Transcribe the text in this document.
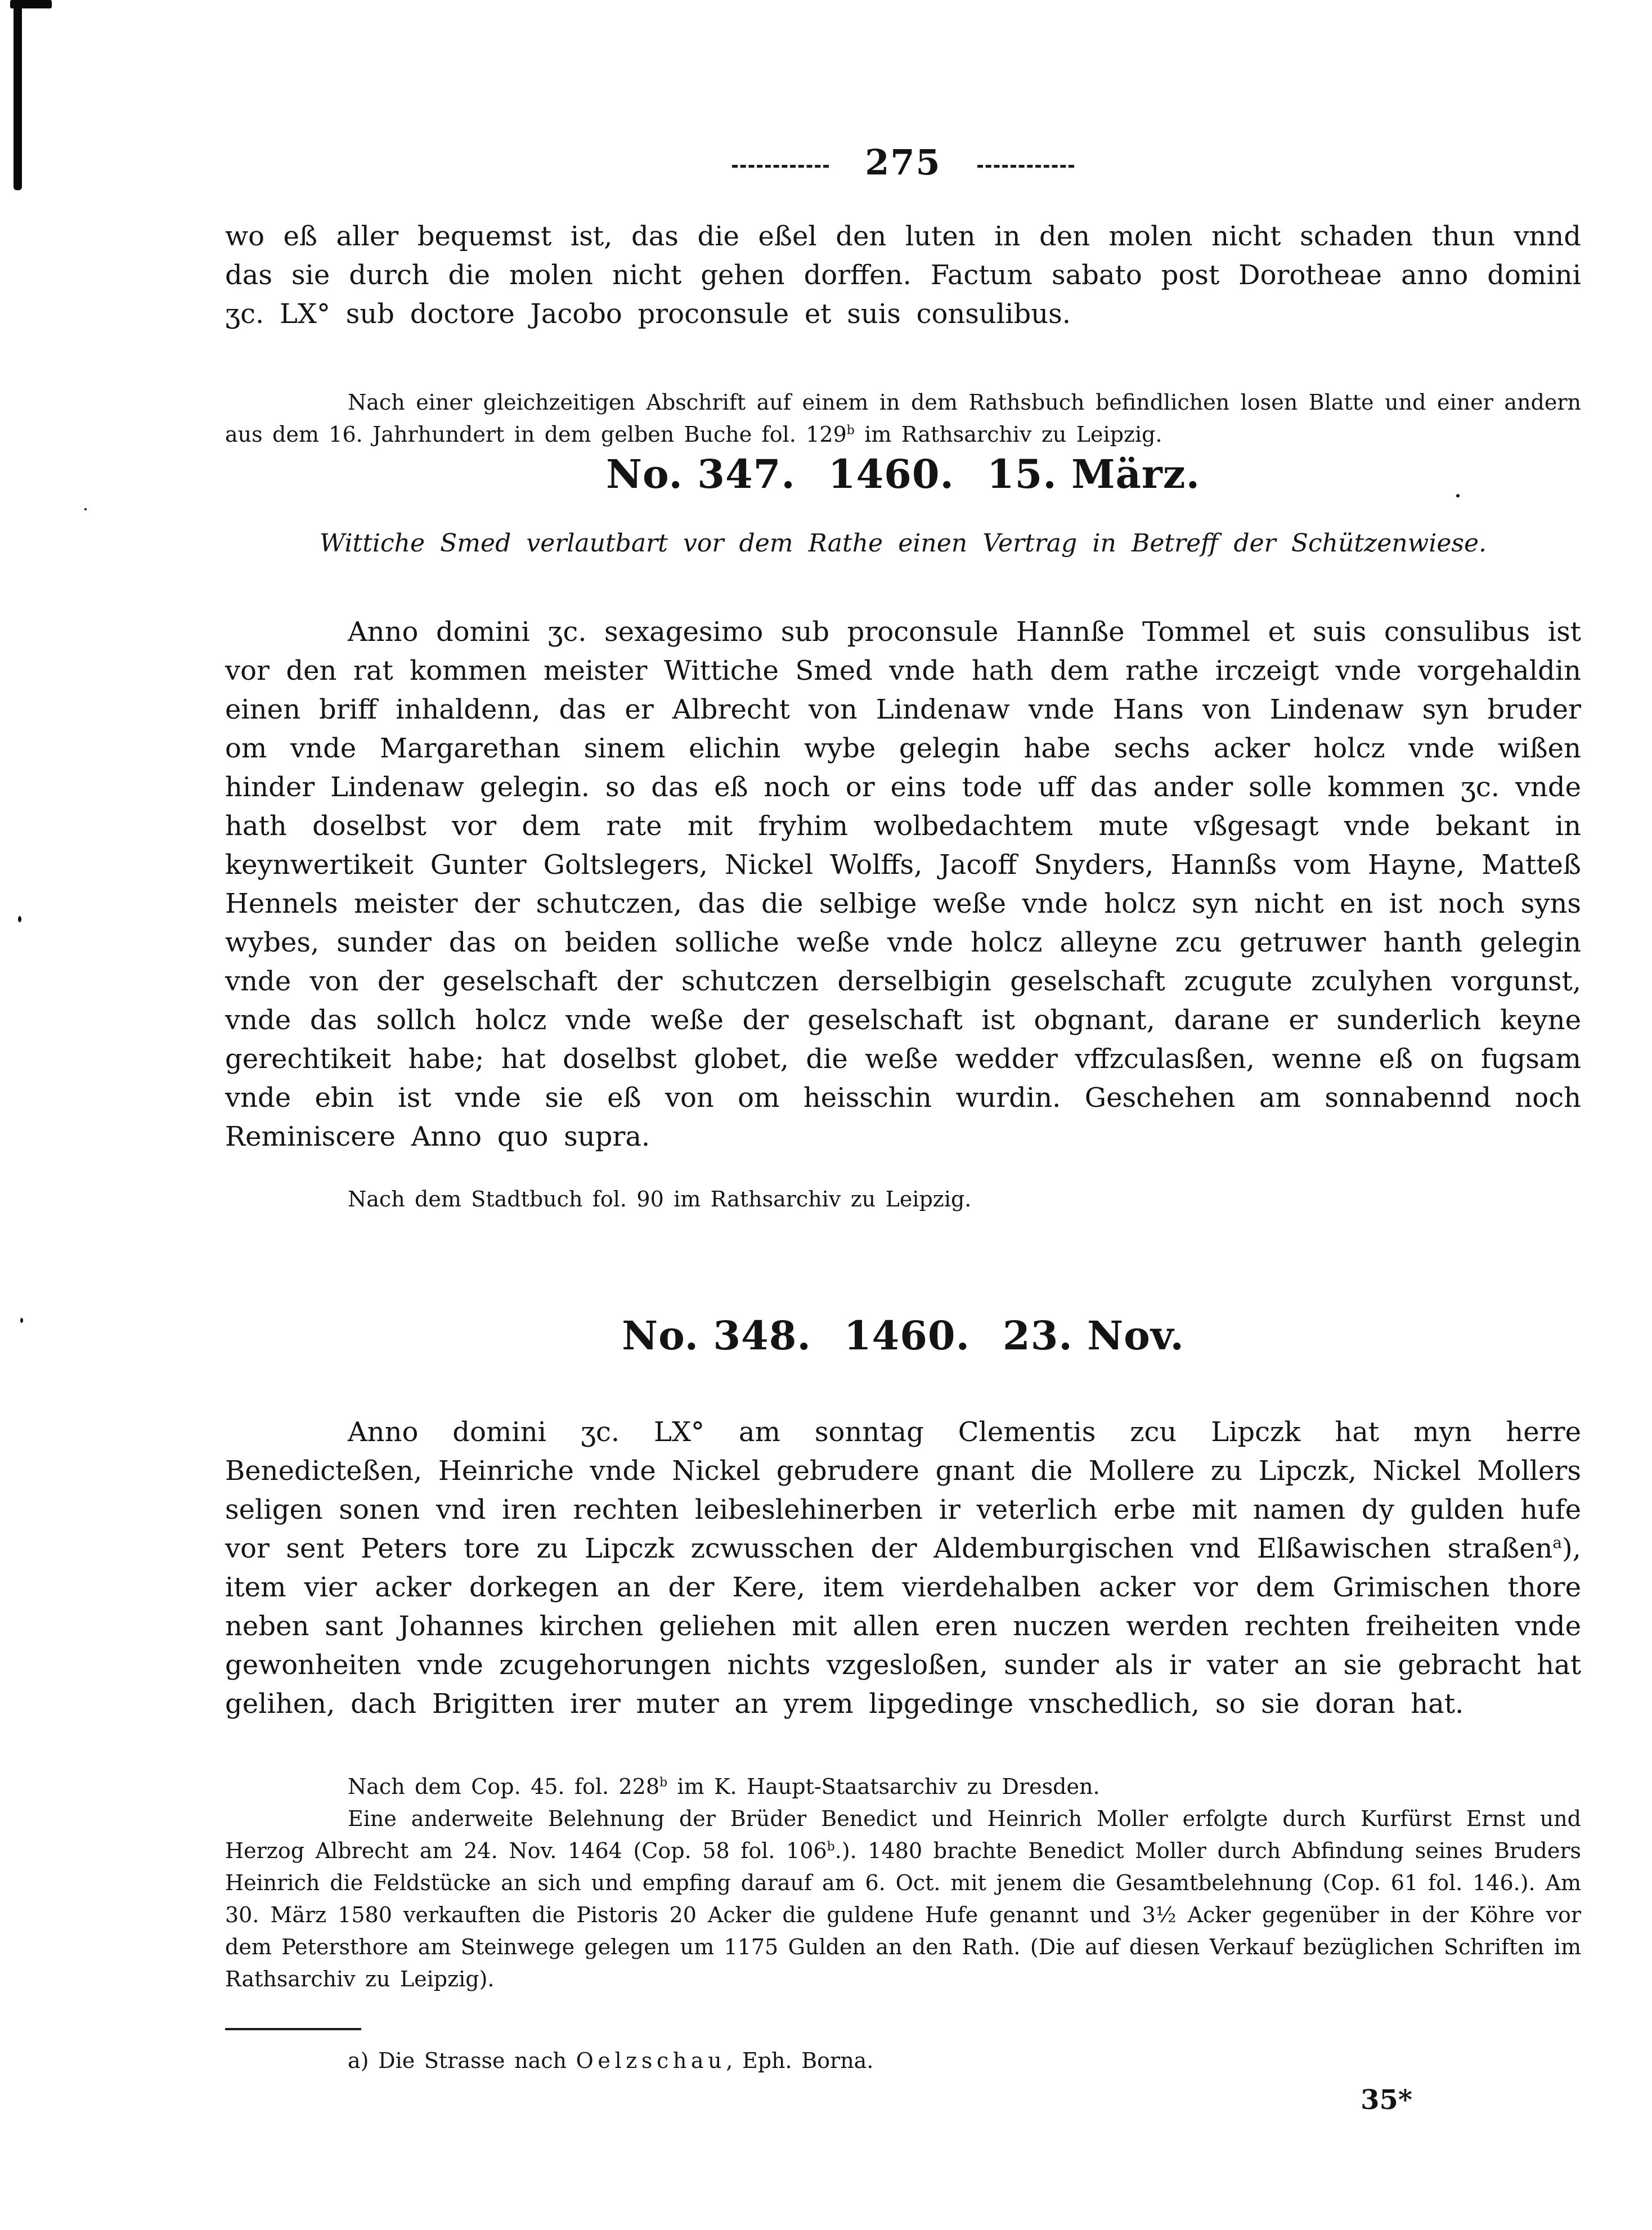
275

wo eß aller bequemst ist, das die eßel den luten in den molen nicht schaden thun vnnd das sie durch die molen nicht gehen dorffen. Factum sabato post Dorotheae anno domini ʒc. LX° sub doctore Jacobo proconsule et suis consulibus.

Nach einer gleichzeitigen Abschrift auf einem in dem Rathsbuch befindlichen losen Blatte und einer andern aus dem 16. Jahrhundert in dem gelben Buche fol. 129$^b$ im Rathsarchiv zu Leipzig.

No. 347. 1460. 15. März.

Wittiche Smed verlautbart vor dem Rathe einen Vertrag in Betreff der Schützenwiese.

Anno domini ʒc. sexagesimo sub proconsule Hannße Tommel et suis consulibus ist vor den rat kommen meister Wittiche Smed vnde hath dem rathe irczeigt vnde vorgehaldin einen briff inhaldenn, das er Albrecht von Lindenaw vnde Hans von Lindenaw syn bruder om vnde Margarethan sinem elichin wybe gelegin habe sechs acker holcz vnde wißen hinder Lindenaw gelegin. so das eß noch or eins tode uff das ander solle kommen ʒc. vnde hath doselbst vor dem rate mit fryhim wolbedachtem mute vßgesagt vnde bekant in keynwertikeit Gunter Goltslegers, Nickel Wolffs, Jacoff Snyders, Hannßs vom Hayne, Matteß Hennels meister der schutczen, das die selbige weße vnde holcz syn nicht en ist noch syns wybes, sunder das on beiden solliche weße vnde holcz alleyne zcu getruwer hanth gelegin vnde von der geselschaft der schutczen derselbigin geselschaft zcugute zculyhen vorgunst, vnde das sollch holcz vnde weße der geselschaft ist obgnant, darane er sunderlich keyne gerechtikeit habe; hat doselbst globet, die weße wedder vffzculasßen, wenne eß on fugsam vnde ebin ist vnde sie eß von om heisschin wurdin. Geschehen am sonnabennd noch Reminiscere Anno quo supra.

Nach dem Stadtbuch fol. 90 im Rathsarchiv zu Leipzig.

No. 348. 1460. 23. Nov.

Anno domini ʒc. LX° am sonntag Clementis zcu Lipczk hat myn herre Benedicteßen, Heinriche vnde Nickel gebrudere gnant die Mollere zu Lipczk, Nickel Mollers seligen sonen vnd iren rechten leibeslehinerben ir veterlich erbe mit namen dy gulden hufe vor sent Peters tore zu Lipczk zcwusschen der Aldemburgischen vnd Elßawischen straßen$^a$), item vier acker dorkegen an der Kere, item vierdehalben acker vor dem Grimischen thore neben sant Johannes kirchen geliehen mit allen eren nuczen werden rechten freiheiten vnde gewonheiten vnde zcugehorungen nichts vzgesloßen, sunder als ir vater an sie gebracht hat gelihen, dach Brigitten irer muter an yrem lipgedinge vnschedlich, so sie doran hat.

Nach dem Cop. 45. fol. 228$^b$ im K. Haupt-Staatsarchiv zu Dresden.

Eine anderweite Belehnung der Brüder Benedict und Heinrich Moller erfolgte durch Kurfürst Ernst und Herzog Albrecht am 24. Nov. 1464 (Cop. 58 fol. 106$^b$.). 1480 brachte Benedict Moller durch Abfindung seines Bruders Heinrich die Feldstücke an sich und empfing darauf am 6. Oct. mit jenem die Gesamtbelehnung (Cop. 61 fol. 146.). Am 30. März 1580 verkauften die Pistoris 20 Acker die guldene Hufe genannt und 3½ Acker gegenüber in der Köhre vor dem Petersthore am Steinwege gelegen um 1175 Gulden an den Rath. (Die auf diesen Verkauf bezüglichen Schriften im Rathsarchiv zu Leipzig).

a) Die Strasse nach Oelzschau, Eph. Borna.

35*
